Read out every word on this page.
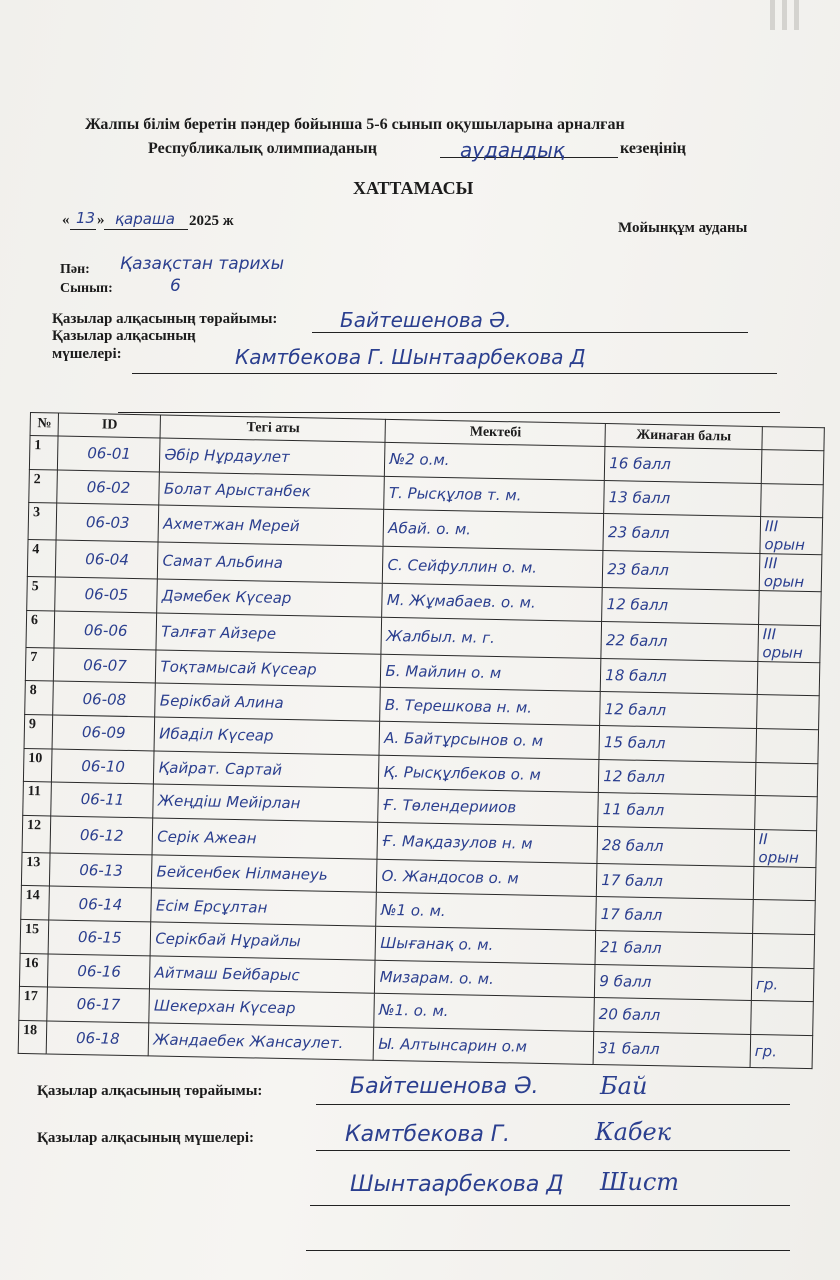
Жалпы білім беретін пәндер бойынша 5-6 сынып оқушыларына арналған
Республикалық олимпиаданың	аудандық	кезеңінің
ХАТТАМАСЫ
« 13 » қараша 2025 ж	Мойынқұм ауданы
Пән: Қазақстан тарихы
Сынып:	6
Қазылар алқасының төрайымы:	Байтешенова Ә.
Қазылар алқасының
мүшелері:	Камтбекова Г. Шынтаарбекова Д
№	ID	Тегі аты	Мектебі	Жинаған балы	
1	06-01	Әбір Нұрдаулет	№2 о.м.	16 балл	
2	06-02	Болат Арыстанбек	Т. Рысқұлов т. м.	13 балл	
3	06-03	Ахметжан Мерей	Абай. о. м.	23 балл	III орын
4	06-04	Самат Альбина	С. Сейфуллин о. м.	23 балл	III орын
5	06-05	Дәмебек Күсеар	М. Жұмабаев. о. м.	12 балл	
6	06-06	Талғат Айзере	Жалбыл. м. г.	22 балл	III орын
7	06-07	Тоқтамысай Күсеар	Б. Майлин о. м	18 балл	
8	06-08	Берікбай Алина	В. Терешкова н. м.	12 балл	
9	06-09	Ибаділ Күсеар	А. Байтұрсынов о. м	15 балл	
10	06-10	Қайрат. Сартай	Қ. Рысқұлбеков о. м	12 балл	
11	06-11	Жеңдіш Мейірлан	Ғ. Төлендерииов	11 балл	
12	06-12	Серік Ажеан	Ғ. Мақдазулов н. м	28 балл	II орын
13	06-13	Бейсенбек Нілманеуь	О. Жандосов о. м	17 балл	
14	06-14	Есім Ерсұлтан	№1 о. м.	17 балл	
15	06-15	Серікбай Нұрайлы	Шығанақ о. м.	21 балл	
16	06-16	Айтмаш Бейбарыс	Мизарам. о. м.	9 балл	гр.
17	06-17	Шекерхан Күсеар	№1. о. м.	20 балл	
18	06-18	Жандаебек Жансаулет.	Ы. Алтынсарин о.м	31 балл	гр.
Қазылар алқасының төрайымы:	Байтешенова Ә.	Бай
Қазылар алқасының мүшелері:	Камтбекова Г.	Кабек
Шынтаарбекова Д Шист
